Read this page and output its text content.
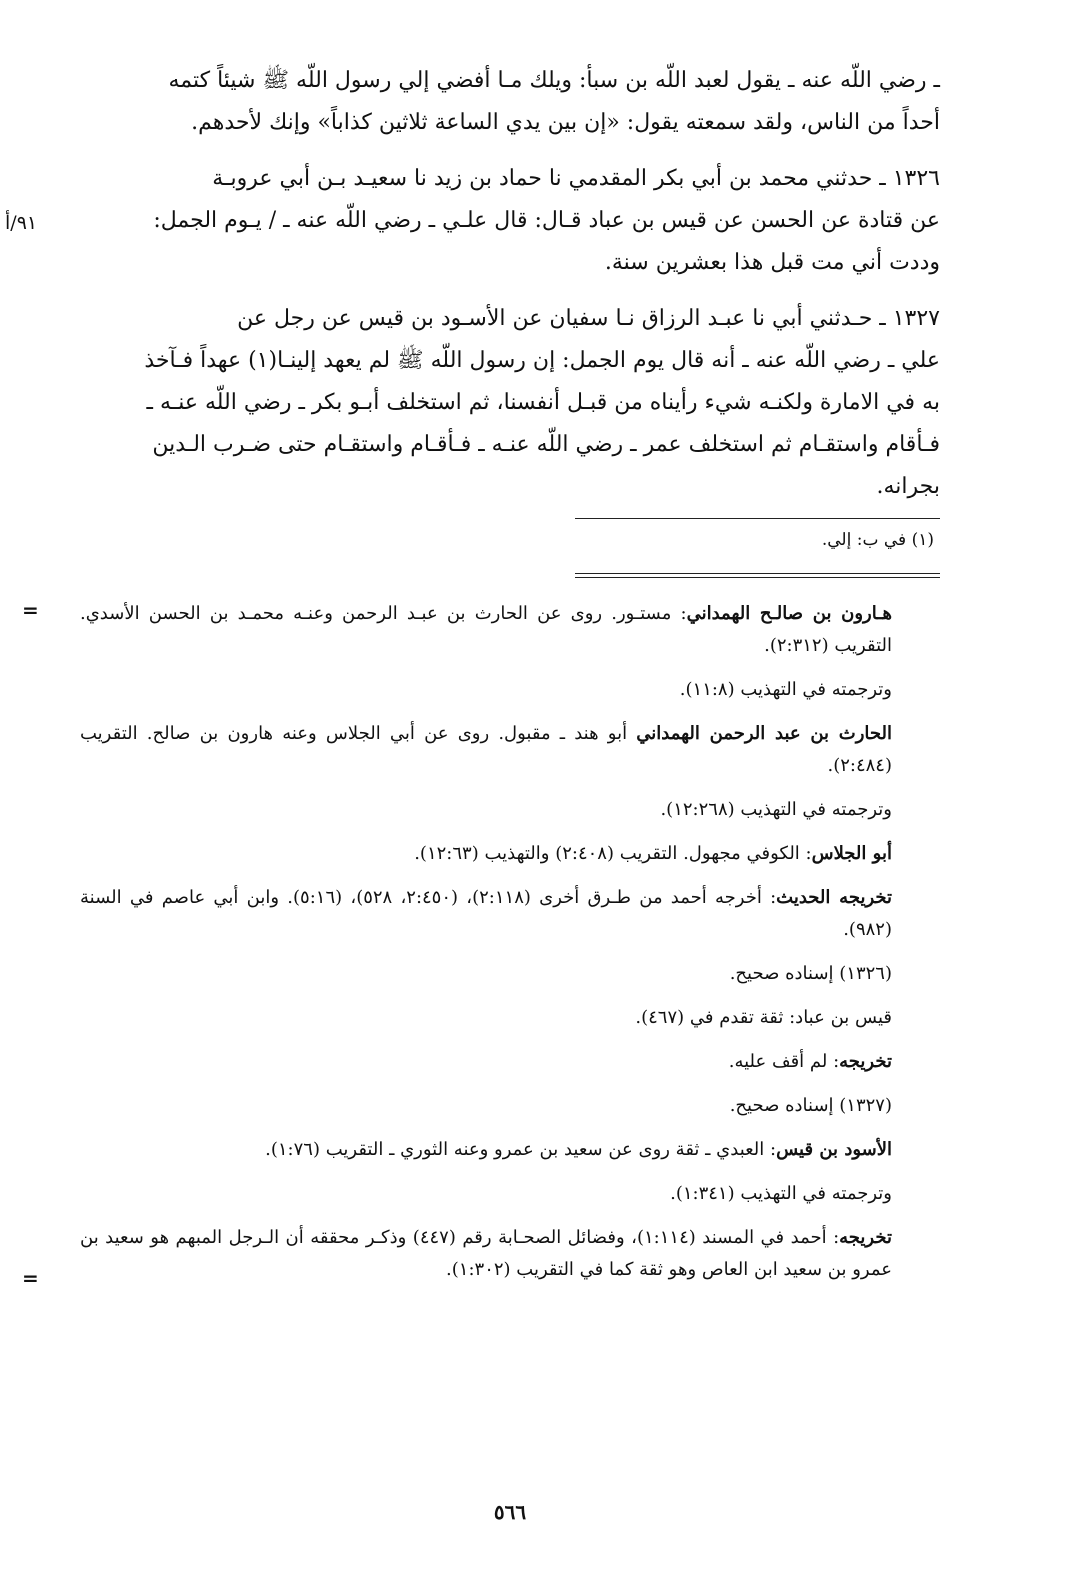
ـ رضي اللّه عنه ـ يقول لعبد اللّه بن سبأ: ويلك مـا أفضي إلي رسول اللّه ﷺ شيئاً كتمه
أحداً من الناس، ولقد سمعته يقول: «إن بين يدي الساعة ثلاثين كذاباً» وإنك لأحدهم.

١٣٢٦ ـ حدثني محمد بن أبي بكر المقدمي نا حماد بن زيد نا سعيـد بـن أبي عروبـة

٩١/أ	عن قتادة عن الحسن عن قيس بن عباد قـال: قال علـي ـ رضي اللّه عنه ـ / يـوم الجمل:
وددت أني مت قبل هذا بعشرين سنة.

١٣٢٧ ـ حـدثني أبي نا عبـد الرزاق نـا سفيان عن الأسـود بن قيس عن رجل عن
علي ـ رضي اللّه عنه ـ أنه قال يوم الجمل: إن رسول اللّه ﷺ لم يعهد إلينـا(١) عهداً فـآخذ
به في الامارة ولكنـه شيء رأيناه من قبـل أنفسنا، ثم استخلف أبـو بكر ـ رضي اللّه عنـه ـ
فـأقام واستقـام ثم استخلف عمر ـ رضي اللّه عنـه ـ فـأقـام واستقـام حتى ضـرب الـدين
بجرانه.

(١) في ب: إلي.
=	هـارون بن صالـح الهمداني: مستـور. روى عن الحارث بن عبـد الرحمن وعنـه محمـد بن الحسن الأسدي. التقريب (٢:٣١٢).

وترجمته في التهذيب (١١:٨).

الحارث بن عبد الرحمن الهمداني أبو هند ـ مقبول. روى عن أبي الجلاس وعنه هارون بن صالح. التقريب (٢:٤٨٤).

وترجمته في التهذيب (١٢:٢٦٨).

أبو الجلاس: الكوفي مجهول. التقريب (٢:٤٠٨) والتهذيب (١٢:٦٣).

تخريجه الحديث: أخرجه أحمد من طـرق أخرى (٢:١١٨)، (٢:٤٥٠، ٥٢٨)، (٥:١٦). وابن أبي عاصم في السنة (٩٨٢).

(١٣٢٦) إسناده صحيح.

قيس بن عباد: ثقة تقدم في (٤٦٧).

تخريجه: لم أقف عليه.

(١٣٢٧) إسناده صحيح.

الأسود بن قيس: العبدي ـ ثقة روى عن سعيد بن عمرو وعنه الثوري ـ التقريب (١:٧٦).

وترجمته في التهذيب (١:٣٤١).

تخريجه: أحمد في المسند (١:١١٤)، وفضائل الصحـابة رقم (٤٤٧) وذكـر محققه أن الـرجل المبهم هو سعيد بن عمرو بن سعيد ابن العاص وهو ثقة كما في التقريب (١:٣٠٢).
=

٥٦٦
